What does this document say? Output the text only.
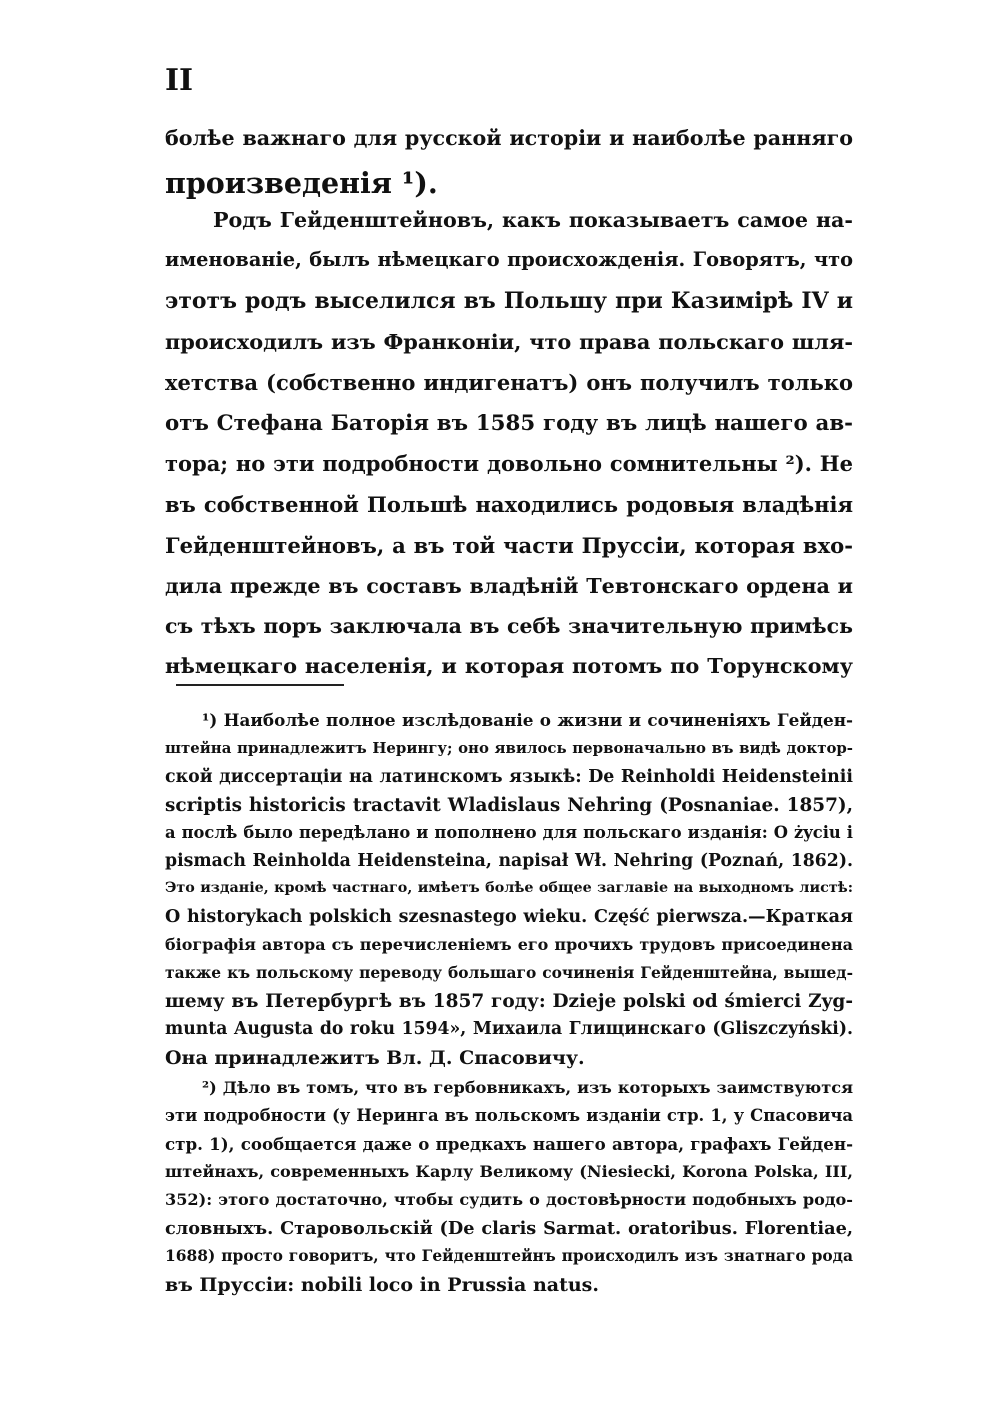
II
болѣе важнаго для русской исторіи и наиболѣе ранняго
произведенія ¹).
Родъ Гейденштейновъ, какъ показываетъ самое на-
именованіе, былъ нѣмецкаго происхожденія. Говорятъ, что
этотъ родъ выселился въ Польшу при Казимірѣ IV и
происходилъ изъ Франконіи, что права польскаго шля-
хетства (собственно индигенатъ) онъ получилъ только
отъ Стефана Баторія въ 1585 году въ лицѣ нашего ав-
тора; но эти подробности довольно сомнительны ²). Не
въ собственной Польшѣ находились родовыя владѣнія
Гейденштейновъ, а въ той части Пруссіи, которая вхо-
дила прежде въ составъ владѣній Тевтонскаго ордена и
съ тѣхъ поръ заключала въ себѣ значительную примѣсь
нѣмецкаго населенія, и которая потомъ по Торунскому
¹) Наиболѣе полное изслѣдованіе о жизни и сочиненіяхъ Гейден-
штейна принадлежитъ Нерингу; оно явилось первоначально въ видѣ доктор-
ской диссертаціи на латинскомъ языкѣ: De Reinholdi Heidensteinii
scriptis historicis tractavit Wladislaus Nehring (Posnaniae. 1857),
а послѣ было передѣлано и пополнено для польскаго изданія: O życiu i
pismach Reinholda Heidensteina, napisał Wł. Nehring (Poznań, 1862).
Это изданіе, кромѣ частнаго, имѣетъ болѣе общее заглавіе на выходномъ листѣ:
O historykach polskich szesnastego wieku. Część pierwsza.—Краткая
біографія автора съ перечисленіемъ его прочихъ трудовъ присоединена
также къ польскому переводу большаго сочиненія Гейденштейна, вышед-
шему въ Петербургѣ въ 1857 году: Dzieje polski od śmierci Zyg-
munta Augusta do roku 1594», Михаила Глищинскаго (Gliszczyński).
Она принадлежитъ Вл. Д. Спасовичу.
²) Дѣло въ томъ, что въ гербовникахъ, изъ которыхъ заимствуются
эти подробности (у Неринга въ польскомъ изданіи стр. 1, у Спасовича
стр. 1), сообщается даже о предкахъ нашего автора, графахъ Гейден-
штейнахъ, современныхъ Карлу Великому (Niesiecki, Korona Polska, III,
352): этого достаточно, чтобы судить о достовѣрности подобныхъ родо-
словныхъ. Старовольскій (De claris Sarmat. oratoribus. Florentiae,
1688) просто говоритъ, что Гейденштейнъ происходилъ изъ знатнаго рода
въ Пруссіи: nobili loco in Prussia natus.
